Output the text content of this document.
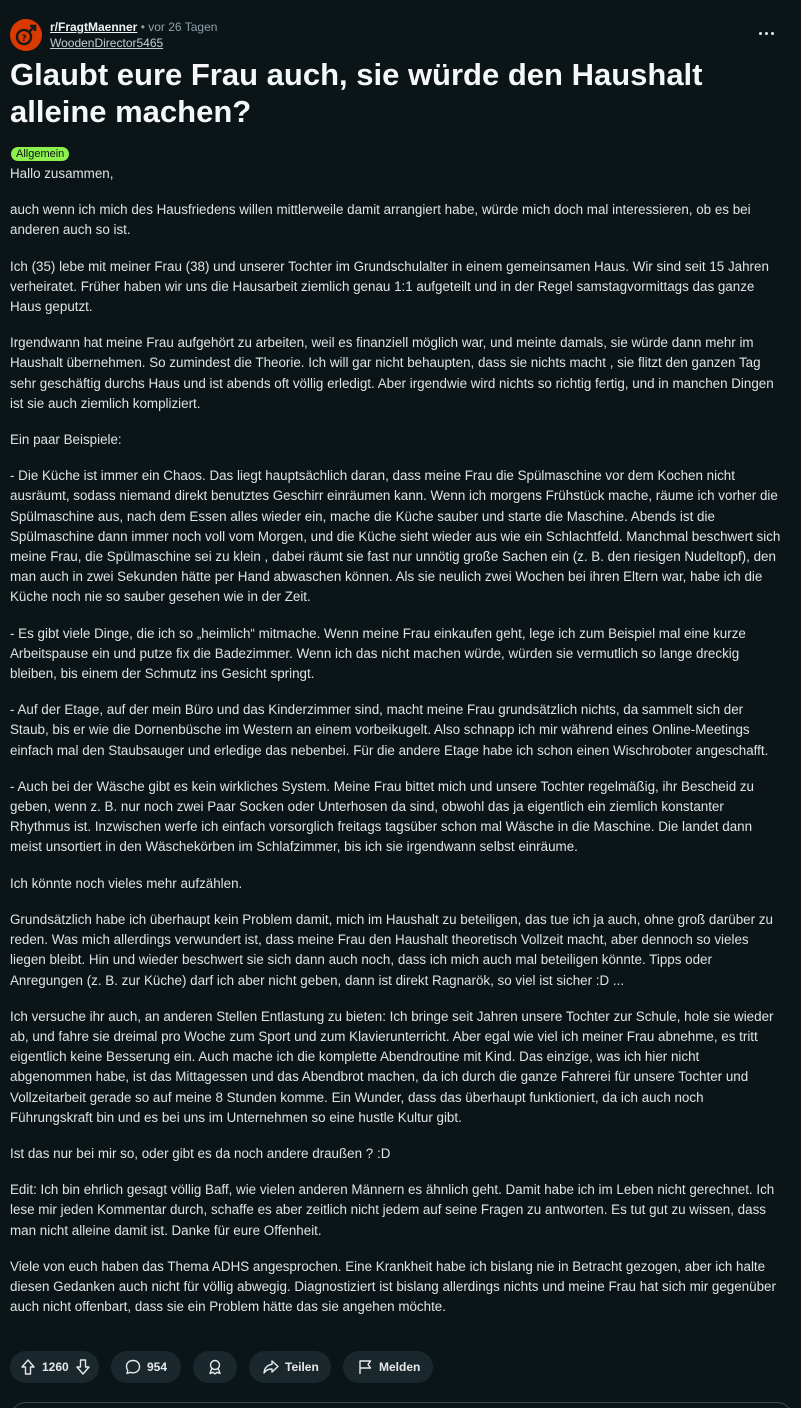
?
r/FragtMaenner • vor 26 Tagen
WoodenDirector5465
Glaubt eure Frau auch, sie würde den Haushalt alleine machen?
Allgemein

Hallo zusammen,

auch wenn ich mich des Hausfriedens willen mittlerweile damit arrangiert habe, würde mich doch mal interessieren, ob es bei anderen auch so ist.

Ich (35) lebe mit meiner Frau (38) und unserer Tochter im Grundschulalter in einem gemeinsamen Haus. Wir sind seit 15 Jahren verheiratet. Früher haben wir uns die Hausarbeit ziemlich genau 1:1 aufgeteilt und in der Regel samstagvormittags das ganze Haus geputzt.

Irgendwann hat meine Frau aufgehört zu arbeiten, weil es finanziell möglich war, und meinte damals, sie würde dann mehr im Haushalt übernehmen. So zumindest die Theorie. Ich will gar nicht behaupten, dass sie nichts macht , sie flitzt den ganzen Tag sehr geschäftig durchs Haus und ist abends oft völlig erledigt. Aber irgendwie wird nichts so richtig fertig, und in manchen Dingen ist sie auch ziemlich kompliziert.

Ein paar Beispiele:

- Die Küche ist immer ein Chaos. Das liegt hauptsächlich daran, dass meine Frau die Spülmaschine vor dem Kochen nicht ausräumt, sodass niemand direkt benutztes Geschirr einräumen kann. Wenn ich morgens Frühstück mache, räume ich vorher die Spülmaschine aus, nach dem Essen alles wieder ein, mache die Küche sauber und starte die Maschine. Abends ist die Spülmaschine dann immer noch voll vom Morgen, und die Küche sieht wieder aus wie ein Schlachtfeld. Manchmal beschwert sich meine Frau, die Spülmaschine sei zu klein , dabei räumt sie fast nur unnötig große Sachen ein (z. B. den riesigen Nudeltopf), den man auch in zwei Sekunden hätte per Hand abwaschen können. Als sie neulich zwei Wochen bei ihren Eltern war, habe ich die Küche noch nie so sauber gesehen wie in der Zeit.

- Es gibt viele Dinge, die ich so „heimlich“ mitmache. Wenn meine Frau einkaufen geht, lege ich zum Beispiel mal eine kurze Arbeitspause ein und putze fix die Badezimmer. Wenn ich das nicht machen würde, würden sie vermutlich so lange dreckig bleiben, bis einem der Schmutz ins Gesicht springt.

- Auf der Etage, auf der mein Büro und das Kinderzimmer sind, macht meine Frau grundsätzlich nichts, da sammelt sich der Staub, bis er wie die Dornenbüsche im Western an einem vorbeikugelt. Also schnapp ich mir während eines Online-Meetings einfach mal den Staubsauger und erledige das nebenbei. Für die andere Etage habe ich schon einen Wischroboter angeschafft.

- Auch bei der Wäsche gibt es kein wirkliches System. Meine Frau bittet mich und unsere Tochter regelmäßig, ihr Bescheid zu geben, wenn z. B. nur noch zwei Paar Socken oder Unterhosen da sind, obwohl das ja eigentlich ein ziemlich konstanter Rhythmus ist. Inzwischen werfe ich einfach vorsorglich freitags tagsüber schon mal Wäsche in die Maschine. Die landet dann meist unsortiert in den Wäschekörben im Schlafzimmer, bis ich sie irgendwann selbst einräume.

Ich könnte noch vieles mehr aufzählen.

Grundsätzlich habe ich überhaupt kein Problem damit, mich im Haushalt zu beteiligen, das tue ich ja auch, ohne groß darüber zu reden. Was mich allerdings verwundert ist, dass meine Frau den Haushalt theoretisch Vollzeit macht, aber dennoch so vieles liegen bleibt. Hin und wieder beschwert sie sich dann auch noch, dass ich mich auch mal beteiligen könnte. Tipps oder Anregungen (z. B. zur Küche) darf ich aber nicht geben, dann ist direkt Ragnarök, so viel ist sicher :D ...

Ich versuche ihr auch, an anderen Stellen Entlastung zu bieten: Ich bringe seit Jahren unsere Tochter zur Schule, hole sie wieder ab, und fahre sie dreimal pro Woche zum Sport und zum Klavierunterricht. Aber egal wie viel ich meiner Frau abnehme, es tritt eigentlich keine Besserung ein. Auch mache ich die komplette Abendroutine mit Kind. Das einzige, was ich hier nicht abgenommen habe, ist das Mittagessen und das Abendbrot machen, da ich durch die ganze Fahrerei für unsere Tochter und Vollzeitarbeit gerade so auf meine 8 Stunden komme. Ein Wunder, dass das überhaupt funktioniert, da ich auch noch Führungskraft bin und es bei uns im Unternehmen so eine hustle Kultur gibt.

Ist das nur bei mir so, oder gibt es da noch andere draußen ? :D

Edit: Ich bin ehrlich gesagt völlig Baff, wie vielen anderen Männern es ähnlich geht. Damit habe ich im Leben nicht gerechnet. Ich lese mir jeden Kommentar durch, schaffe es aber zeitlich nicht jedem auf seine Fragen zu antworten. Es tut gut zu wissen, dass man nicht alleine damit ist. Danke für eure Offenheit.

Viele von euch haben das Thema ADHS angesprochen. Eine Krankheit habe ich bislang nie in Betracht gezogen, aber ich halte diesen Gedanken auch nicht für völlig abwegig. Diagnostiziert ist bislang allerdings nichts und meine Frau hat sich mir gegenüber auch nicht offenbart, dass sie ein Problem hätte das sie angehen möchte.

1260	954	Teilen	Melden
